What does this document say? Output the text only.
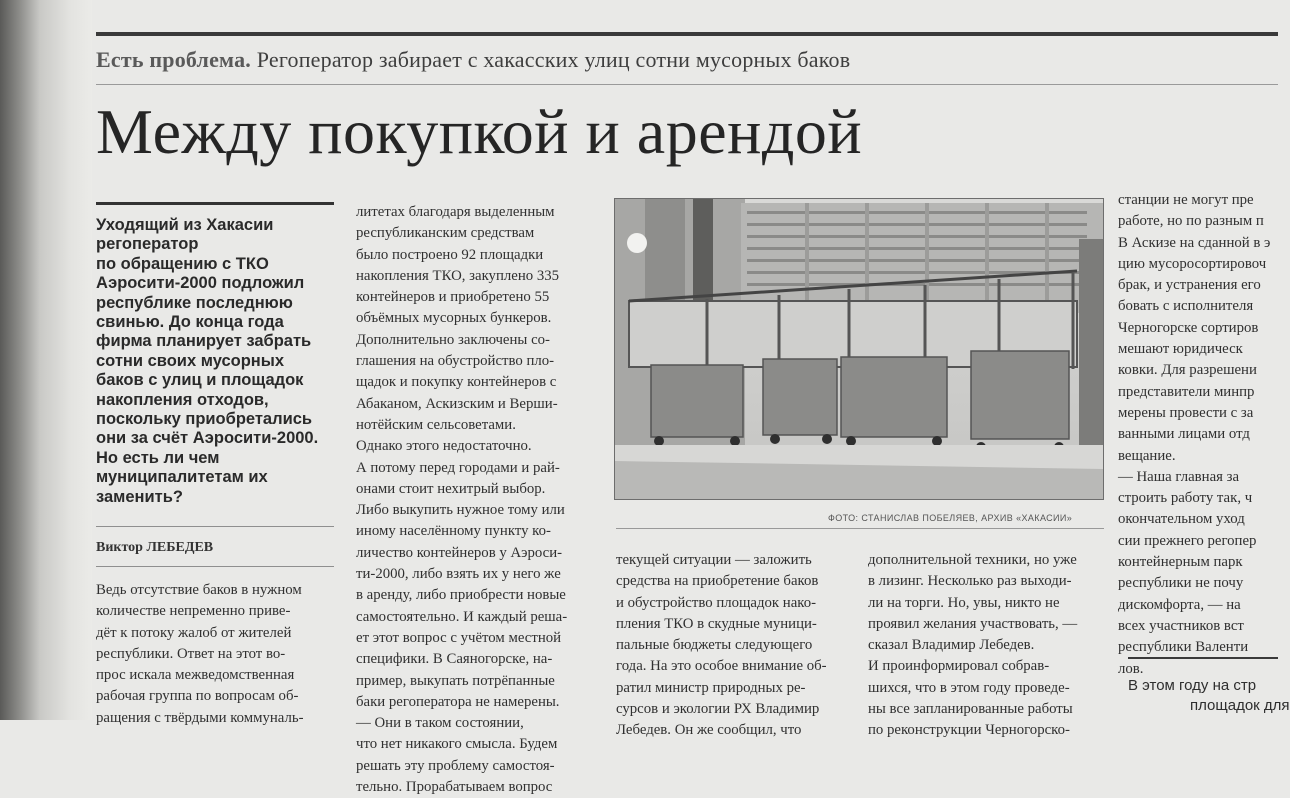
Есть проблема. Регоператор забирает с хакасских улиц сотни мусорных баков
Между покупкой и арендой
Уходящий из Хакасии
регоператор
по обращению с ТКО
Аэросити-2000 подложил
республике последнюю
свинью. До конца года
фирма планирует забрать
сотни своих мусорных
баков с улиц и площадок
накопления отходов,
поскольку приобретались
они за счёт Аэросити-2000.
Но есть ли чем
муниципалитетам их
заменить?
Виктор ЛЕБЕДЕВ
Ведь отсутствие баков в нужном
количестве непременно приве-
дёт к потоку жалоб от жителей
республики. Ответ на этот во-
прос искала межведомственная
рабочая группа по вопросам об-
ращения с твёрдыми коммуналь-
литетах благодаря выделенным
республиканским средствам
было построено 92 площадки
накопления ТКО, закуплено 335
контейнеров и приобретено 55
объёмных мусорных бункеров.
Дополнительно заключены со-
глашения на обустройство пло-
щадок и покупку контейнеров с
Абаканом, Аскизским и Верши-
нотёйским сельсоветами.
Однако этого недостаточно.
А потому перед городами и рай-
онами стоит нехитрый выбор.
Либо выкупить нужное тому или
иному населённому пункту ко-
личество контейнеров у Аэроси-
ти-2000, либо взять их у него же
в аренду, либо приобрести новые
самостоятельно. И каждый реша-
ет этот вопрос с учётом местной
специфики. В Саяногорске, на-
пример, выкупать потрёпанные
баки регоператора не намерены.
— Они в таком состоянии,
что нет никакого смысла. Будем
решать эту проблему самостоя-
тельно. Прорабатываем вопрос
ФОТО: СТАНИСЛАВ ПОБЕЛЯЕВ, АРХИВ «ХАКАСИИ»
текущей ситуации — заложить
средства на приобретение баков
и обустройство площадок нако-
пления ТКО в скудные муници-
пальные бюджеты следующего
года. На это особое внимание об-
ратил министр природных ре-
сурсов и экологии РХ Владимир
Лебедев. Он же сообщил, что
дополнительной техники, но уже
в лизинг. Несколько раз выходи-
ли на торги. Но, увы, никто не
проявил желания участвовать, —
сказал Владимир Лебедев.
И проинформировал собрав-
шихся, что в этом году проведе-
ны все запланированные работы
по реконструкции Черногорско-
станции не могут пре
работе, но по разным п
В Аскизе на сданной в э
цию мусоросортировоч
брак, и устранения его
бовать с исполнителя
Черногорске сортиров
мешают юридическ
ковки. Для разрешени
представители минпр
мерены провести с за
ванными лицами отд
вещание.
— Наша главная за
строить работу так, ч
окончательном уход
сии прежнего регопер
контейнерным парк
республики не почу
дискомфорта, — на
всех участников вст
республики Валенти
лов.
В этом году на стр
площадок для
